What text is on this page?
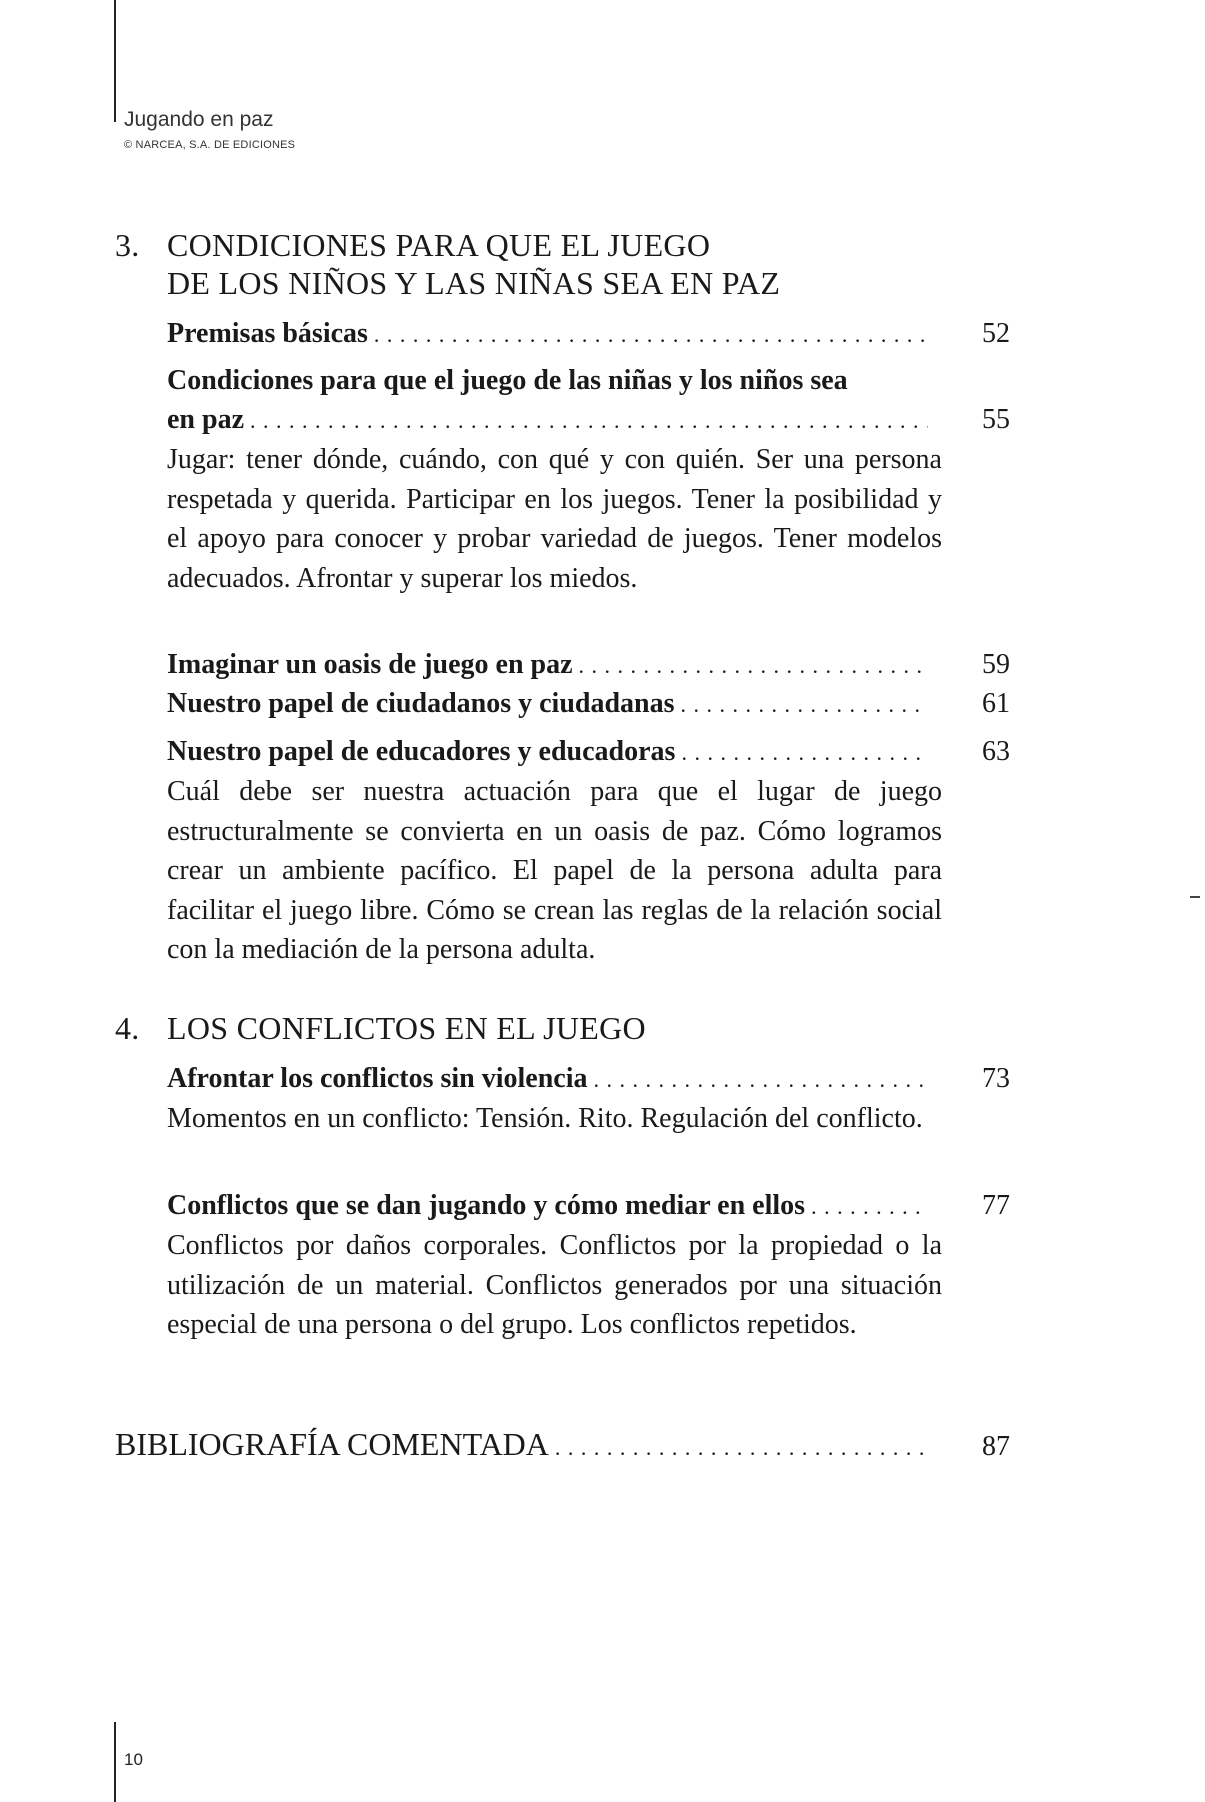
Jugando en paz
© NARCEA, S.A. DE EDICIONES
3. CONDICIONES PARA QUE EL JUEGO
DE LOS NIÑOS Y LAS NIÑAS SEA EN PAZ
Premisas básicas . . .	52
Condiciones para que el juego de las niñas y los niños sea
en paz . . .	55
Jugar: tener dónde, cuándo, con qué y con quién. Ser una persona respetada y querida. Participar en los juegos. Tener la posibilidad y el apoyo para conocer y probar variedad de juegos. Tener modelos adecuados. Afrontar y superar los miedos.
Imaginar un oasis de juego en paz . . .	59
Nuestro papel de ciudadanos y ciudadanas . . .	61
Nuestro papel de educadores y educadoras . . .	63
Cuál debe ser nuestra actuación para que el lugar de juego estructuralmente se convierta en un oasis de paz. Cómo logramos crear un ambiente pacífico. El papel de la persona adulta para facilitar el juego libre. Cómo se crean las reglas de la relación social con la mediación de la persona adulta.
4. LOS CONFLICTOS EN EL JUEGO
Afrontar los conflictos sin violencia . . .	73
Momentos en un conflicto: Tensión. Rito. Regulación del conflicto.
Conflictos que se dan jugando y cómo mediar en ellos . . .	77
Conflictos por daños corporales. Conflictos por la propiedad o la utilización de un material. Conflictos generados por una situación especial de una persona o del grupo. Los conflictos repetidos.
BIBLIOGRAFÍA COMENTADA . . .	87
10
